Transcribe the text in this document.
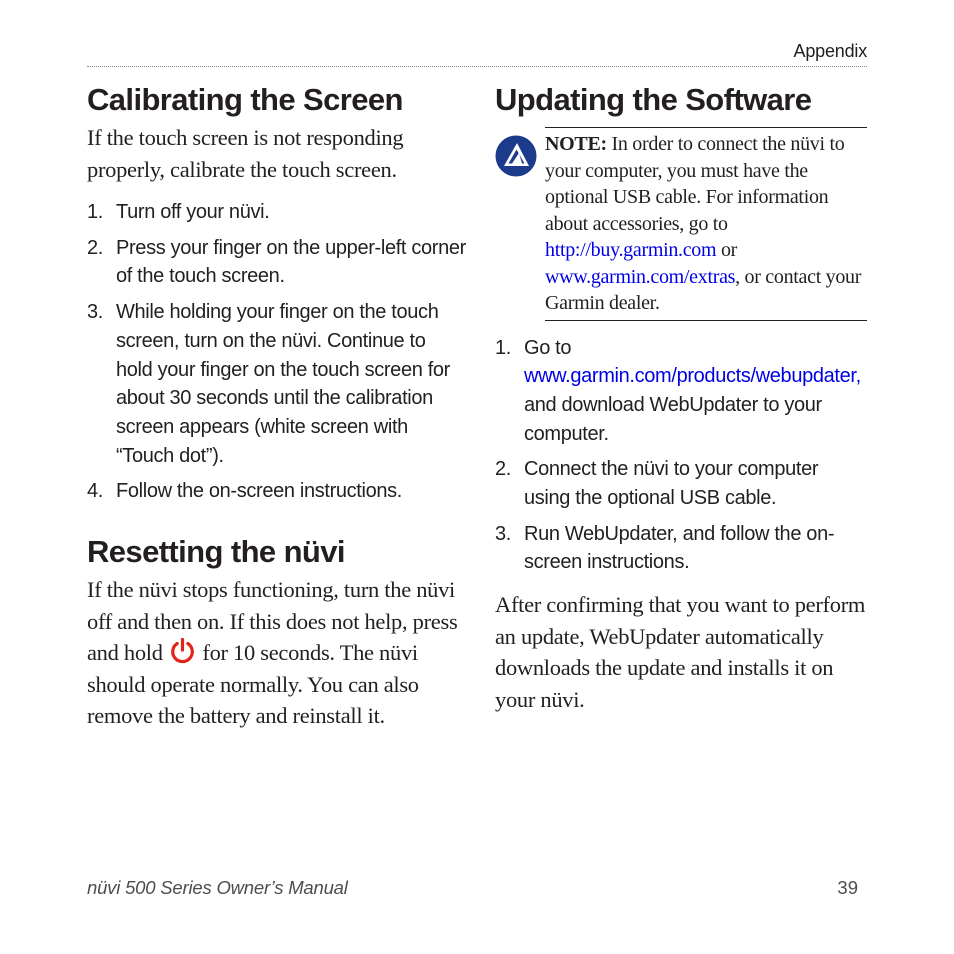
Appendix
Calibrating the Screen

If the touch screen is not responding properly, calibrate the touch screen.

1. Turn off your nüvi.
2. Press your finger on the upper-left corner of the touch screen.
3. While holding your finger on the touch screen, turn on the nüvi. Continue to hold your finger on the touch screen for about 30 seconds until the calibration screen appears (white screen with “Touch dot”).
4. Follow the on-screen instructions.
Resetting the nüvi

If the nüvi stops functioning, turn the nüvi off and then on. If this does not help, press and hold for 10 seconds. The nüvi should operate normally. You can also remove the battery and reinstall it.

Updating the Software
NOTE: In order to connect the nüvi to your computer, you must have the optional USB cable. For information about accessories, go to http://buy.garmin.com or www.garmin.com/extras, or contact your Garmin dealer.
1. Go to www.garmin.com/products/webupdater, and download WebUpdater to your computer.
2. Connect the nüvi to your computer using the optional USB cable.
3. Run WebUpdater, and follow the on-screen instructions.

After confirming that you want to perform an update, WebUpdater automatically downloads the update and installs it on your nüvi.

nüvi 500 Series Owner’s Manual	39
